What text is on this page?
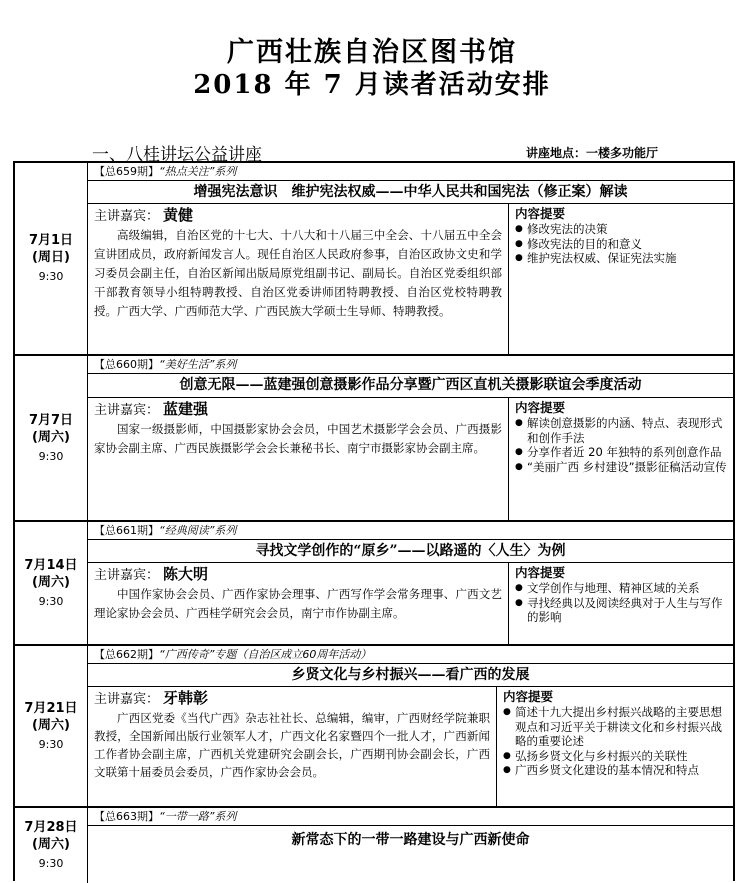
广西壮族自治区图书馆
2018 年 7 月读者活动安排
一、八桂讲坛公益讲座	讲座地点：一楼多功能厅
7月1日
(周日)
9:30
【总659期】“热点关注”系列
增强宪法意识　维护宪法权威——中华人民共和国宪法（修正案）解读
主讲嘉宾： 黄健
高级编辑，自治区党的十七大、十八大和十八届三中全会、十八届五中全会宣讲团成员，政府新闻发言人。现任自治区人民政府参事，自治区政协文史和学习委员会副主任，自治区新闻出版局原党组副书记、副局长。自治区党委组织部干部教育领导小组特聘教授、自治区党委讲师团特聘教授、自治区党校特聘教授。广西大学、广西师范大学、广西民族大学硕士生导师、特聘教授。
内容提要
● 修改宪法的决策
● 修改宪法的目的和意义
● 维护宪法权威、保证宪法实施
7月7日
(周六)
9:30
【总660期】“美好生活”系列
创意无限——蓝建强创意摄影作品分享暨广西区直机关摄影联谊会季度活动
主讲嘉宾： 蓝建强
国家一级摄影师，中国摄影家协会会员，中国艺术摄影学会会员、广西摄影家协会副主席、广西民族摄影学会会长兼秘书长、南宁市摄影家协会副主席。
内容提要
● 解读创意摄影的内涵、特点、表现形式和创作手法
● 分享作者近 20 年独特的系列创意作品
● “美丽广西 乡村建设”摄影征稿活动宣传
7月14日
(周六)
9:30
【总661期】“经典阅读”系列
寻找文学创作的“原乡”——以路遥的〈人生〉为例
主讲嘉宾： 陈大明
中国作家协会会员、广西作家协会理事、广西写作学会常务理事、广西文艺理论家协会会员、广西桂学研究会会员，南宁市作协副主席。
内容提要
● 文学创作与地理、精神区域的关系
● 寻找经典以及阅读经典对于人生与写作的影响
7月21日
(周六)
9:30
【总662期】“广西传奇”专题（自治区成立60周年活动）
乡贤文化与乡村振兴——看广西的发展
主讲嘉宾： 牙韩彰
广西区党委《当代广西》杂志社社长、总编辑，编审，广西财经学院兼职教授，全国新闻出版行业领军人才，广西文化名家暨四个一批人才，广西新闻工作者协会副主席，广西机关党建研究会副会长，广西期刊协会副会长，广西文联第十届委员会委员，广西作家协会会员。
内容提要
● 简述十九大提出乡村振兴战略的主要思想观点和习近平关于耕读文化和乡村振兴战略的重要论述
● 弘扬乡贤文化与乡村振兴的关联性
● 广西乡贤文化建设的基本情况和特点
7月28日
(周六)
9:30
【总663期】“一带一路”系列
新常态下的一带一路建设与广西新使命
